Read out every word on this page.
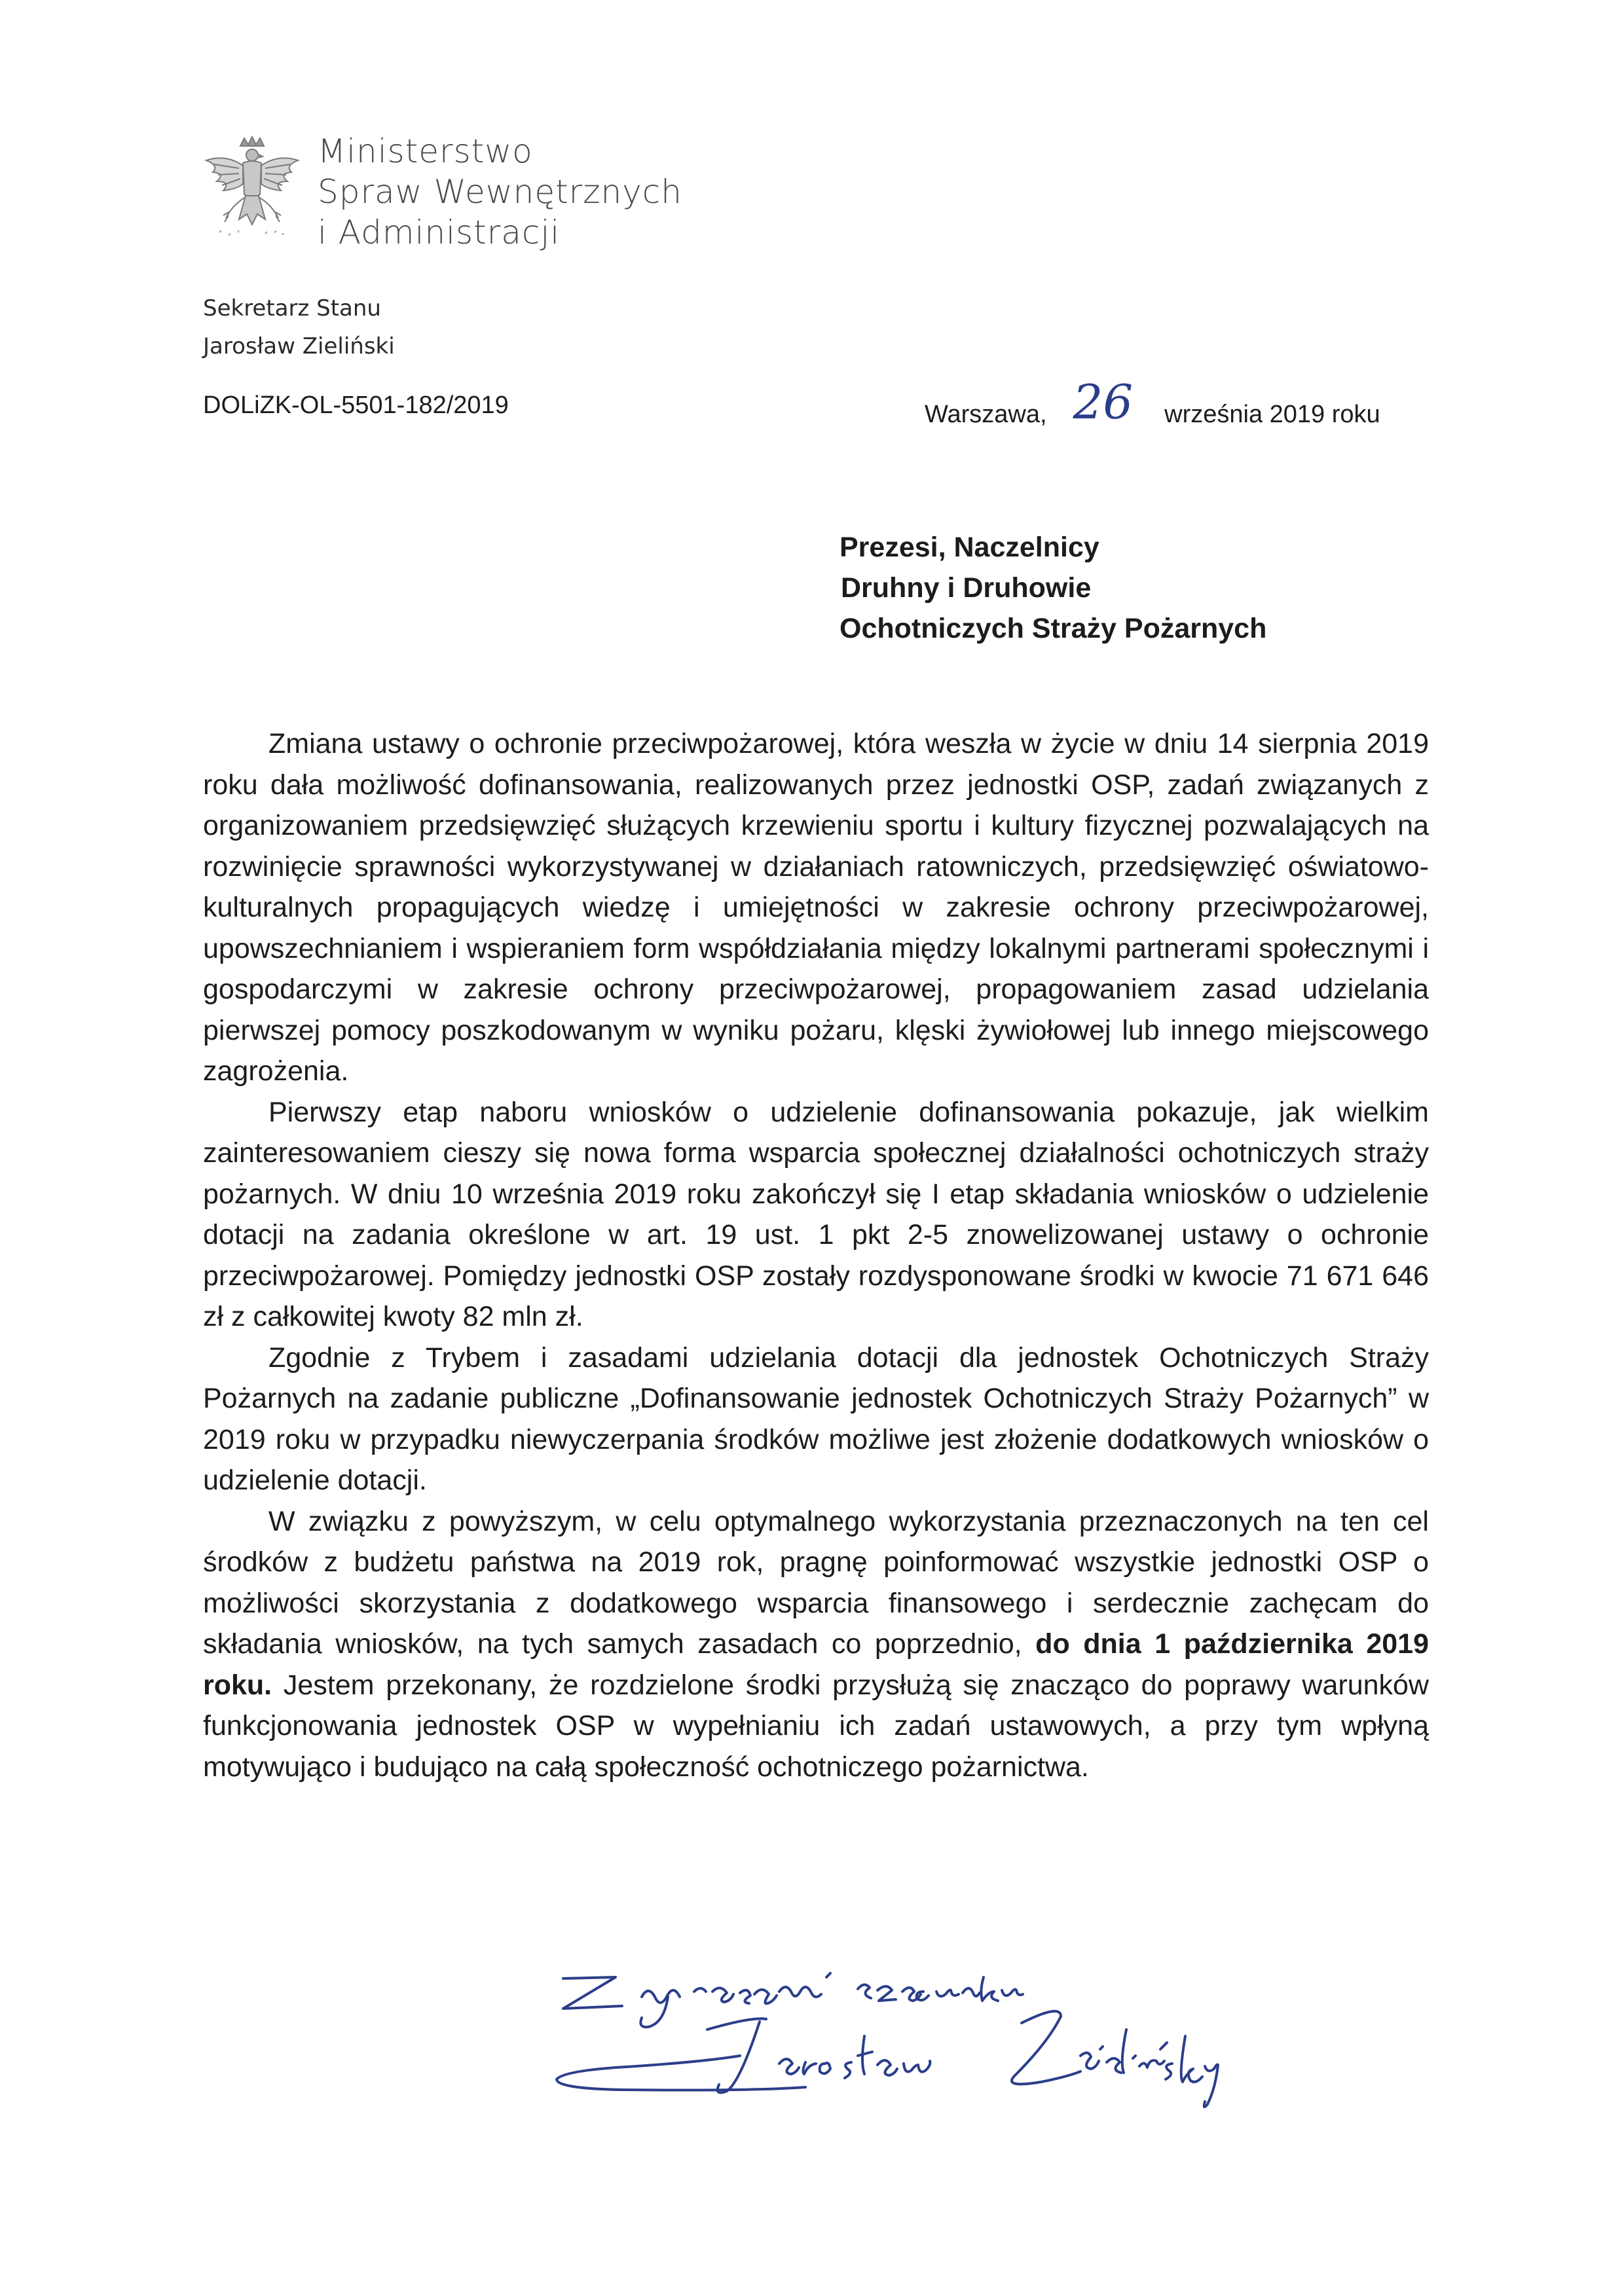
Ministerstwo
Spraw Wewnętrznych
i Administracji
Sekretarz Stanu
Jarosław Zieliński
DOLiZK-OL-5501-182/2019	Warszawa, 26 września 2019 roku
Prezesi, Naczelnicy
Druhny i Druhowie
Ochotniczych Straży Pożarnych

Zmiana ustawy o ochronie przeciwpożarowej, która weszła w życie w dniu 14 sierpnia 2019 roku dała możliwość dofinansowania, realizowanych przez jednostki OSP, zadań związanych z organizowaniem przedsięwzięć służących krzewieniu sportu i kultury fizycznej pozwalających na rozwinięcie sprawności wykorzystywanej w działaniach ratowniczych, przedsięwzięć oświatowo-kulturalnych propagujących wiedzę i umiejętności w zakresie ochrony przeciwpożarowej, upowszechnianiem i wspieraniem form współdziałania między lokalnymi partnerami społecznymi i gospodarczymi w zakresie ochrony przeciwpożarowej, propagowaniem zasad udzielania pierwszej pomocy poszkodowanym w wyniku pożaru, klęski żywiołowej lub innego miejscowego zagrożenia.

Pierwszy etap naboru wniosków o udzielenie dofinansowania pokazuje, jak wielkim zainteresowaniem cieszy się nowa forma wsparcia społecznej działalności ochotniczych straży pożarnych. W dniu 10 września 2019 roku zakończył się I etap składania wniosków o udzielenie dotacji na zadania określone w art. 19 ust. 1 pkt 2-5 znowelizowanej ustawy o ochronie przeciwpożarowej. Pomiędzy jednostki OSP zostały rozdysponowane środki w kwocie 71 671 646 zł z całkowitej kwoty 82 mln zł.

Zgodnie z Trybem i zasadami udzielania dotacji dla jednostek Ochotniczych Straży Pożarnych na zadanie publiczne „Dofinansowanie jednostek Ochotniczych Straży Pożarnych” w 2019 roku w przypadku niewyczerpania środków możliwe jest złożenie dodatkowych wniosków o udzielenie dotacji.

W związku z powyższym, w celu optymalnego wykorzystania przeznaczonych na ten cel środków z budżetu państwa na 2019 rok, pragnę poinformować wszystkie jednostki OSP o możliwości skorzystania z dodatkowego wsparcia finansowego i serdecznie zachęcam do składania wniosków, na tych samych zasadach co poprzednio, do dnia 1 października 2019 roku. Jestem przekonany, że rozdzielone środki przysłużą się znacząco do poprawy warunków funkcjonowania jednostek OSP w wypełnianiu ich zadań ustawowych, a przy tym wpłyną motywująco i budująco na całą społeczność ochotniczego pożarnictwa.
